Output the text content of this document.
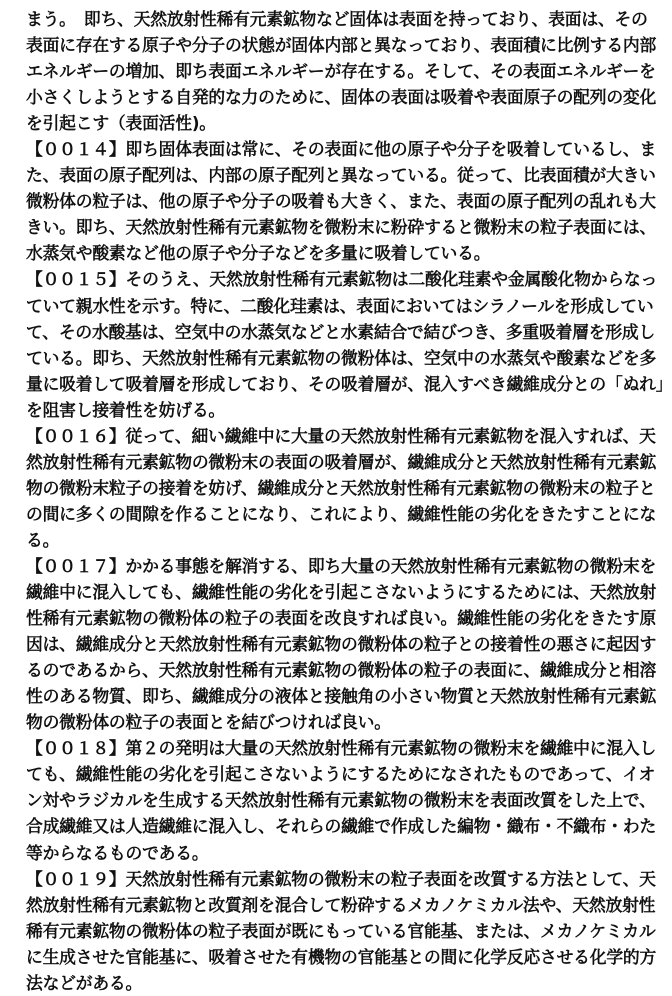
まう。　即ち、天然放射性稀有元素鉱物など固体は表面を持っており、表面は、その
表面に存在する原子や分子の状態が固体内部と異なっており、表面積に比例する内部
エネルギーの増加、即ち表面エネルギーが存在する。そして、その表面エネルギーを
小さくしようとする自発的な力のために、固体の表面は吸着や表面原子の配列の変化
を引起こす（表面活性)。
【００１４】即ち固体表面は常に、その表面に他の原子や分子を吸着しているし、ま
た、表面の原子配列は、内部の原子配列と異なっている。従って、比表面積が大きい
微粉体の粒子は、他の原子や分子の吸着も大きく、また、表面の原子配列の乱れも大
きい。即ち、天然放射性稀有元素鉱物を微粉末に粉砕すると微粉末の粒子表面には、
水蒸気や酸素など他の原子や分子などを多量に吸着している。
【００１５】そのうえ、天然放射性稀有元素鉱物は二酸化珪素や金属酸化物からなっ
ていて親水性を示す。特に、二酸化珪素は、表面においてはシラノールを形成してい
て、その水酸基は、空気中の水蒸気などと水素結合で結びつき、多重吸着層を形成し
ている。即ち、天然放射性稀有元素鉱物の微粉体は、空気中の水蒸気や酸素などを多
量に吸着して吸着層を形成しており、その吸着層が、混入すべき繊維成分との「ぬれ」
を阻害し接着性を妨げる。
【００１６】従って、細い繊維中に大量の天然放射性稀有元素鉱物を混入すれば、天
然放射性稀有元素鉱物の微粉末の表面の吸着層が、繊維成分と天然放射性稀有元素鉱
物の微粉末粒子の接着を妨げ、繊維成分と天然放射性稀有元素鉱物の微粉末の粒子と
の間に多くの間隙を作ることになり、これにより、繊維性能の劣化をきたすことにな
る。
【００１７】かかる事態を解消する、即ち大量の天然放射性稀有元素鉱物の微粉末を
繊維中に混入しても、繊維性能の劣化を引起こさないようにするためには、天然放射
性稀有元素鉱物の微粉体の粒子の表面を改良すれば良い。繊維性能の劣化をきたす原
因は、繊維成分と天然放射性稀有元素鉱物の微粉体の粒子との接着性の悪さに起因す
るのであるから、天然放射性稀有元素鉱物の微粉体の粒子の表面に、繊維成分と相溶
性のある物質、即ち、繊維成分の液体と接触角の小さい物質と天然放射性稀有元素鉱
物の微粉体の粒子の表面とを結びつければ良い。
【００１８】第２の発明は大量の天然放射性稀有元素鉱物の微粉末を繊維中に混入し
ても、繊維性能の劣化を引起こさないようにするためになされたものであって、イオ
ン対やラジカルを生成する天然放射性稀有元素鉱物の微粉末を表面改質をした上で、
合成繊維又は人造繊維に混入し、それらの繊維で作成した編物・織布・不織布・わた
等からなるものである。
【００１９】天然放射性稀有元素鉱物の微粉末の粒子表面を改質する方法として、天
然放射性稀有元素鉱物と改質剤を混合して粉砕するメカノケミカル法や、天然放射性
稀有元素鉱物の微粉体の粒子表面が既にもっている官能基、または、メカノケミカル
に生成させた官能基に、吸着させた有機物の官能基との間に化学反応させる化学的方
法などがある。
